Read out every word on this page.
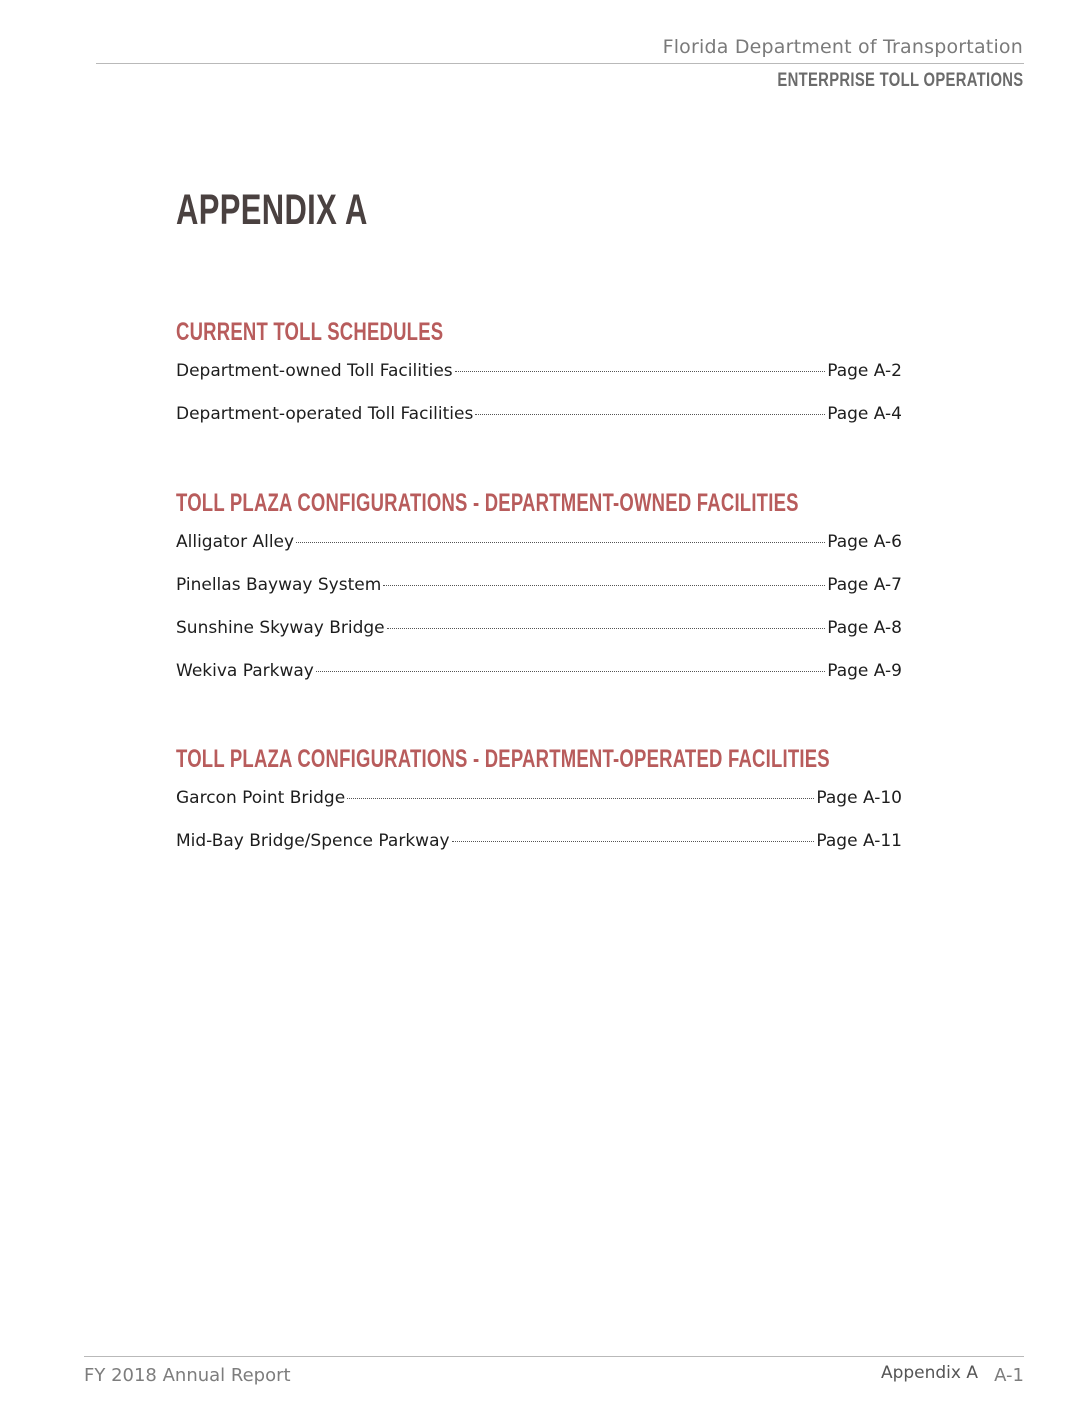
Florida Department of Transportation
ENTERPRISE TOLL OPERATIONS
APPENDIX A
CURRENT TOLL SCHEDULES
Department-owned Toll Facilities	Page A-2
Department-operated Toll Facilities	Page A-4
TOLL PLAZA CONFIGURATIONS - DEPARTMENT-OWNED FACILITIES
Alligator Alley	Page A-6
Pinellas Bayway System	Page A-7
Sunshine Skyway Bridge	Page A-8
Wekiva Parkway	Page A-9
TOLL PLAZA CONFIGURATIONS - DEPARTMENT-OPERATED FACILITIES
Garcon Point Bridge	Page A-10
Mid-Bay Bridge/Spence Parkway	Page A-11
FY 2018 Annual Report	Appendix A A-1
